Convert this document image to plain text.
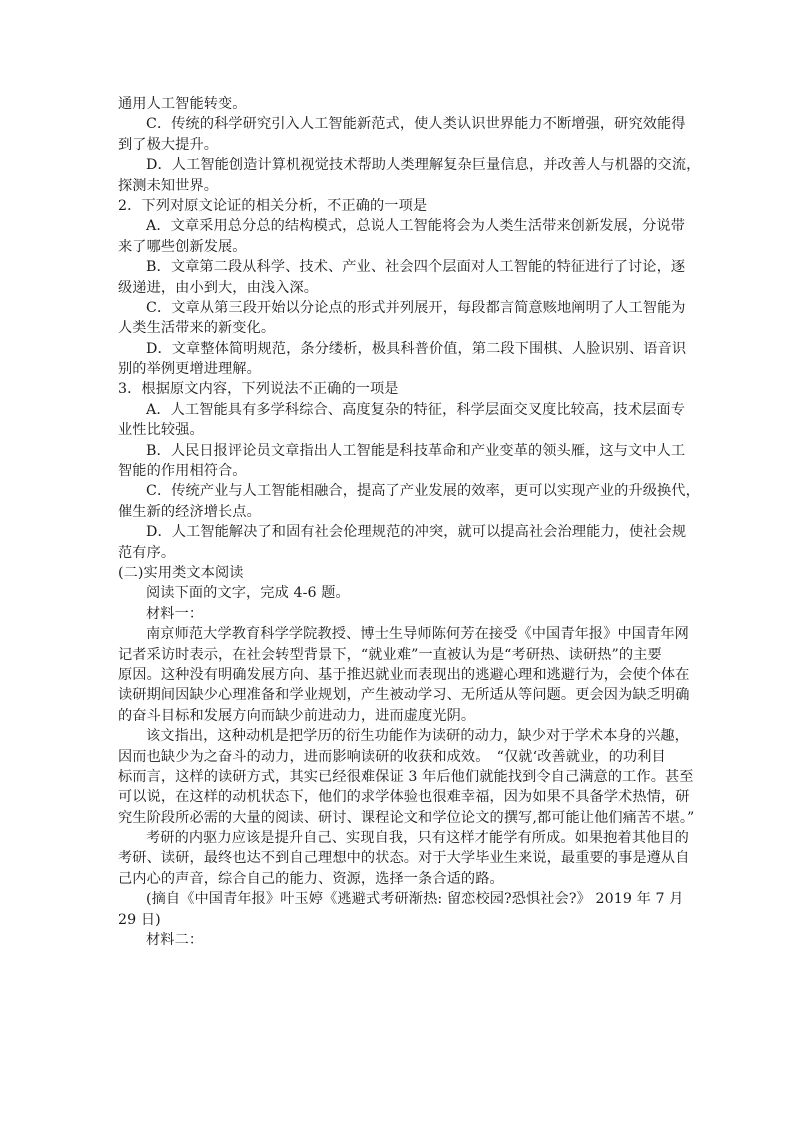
通用人工智能转变。
C．传统的科学研究引入人工智能新范式，使人类认识世界能力不断增强，研究效能得
到了极大提升。
D．人工智能创造计算机视觉技术帮助人类理解复杂巨量信息，并改善人与机器的交流，
探测未知世界。
2．下列对原文论证的相关分析，不正确的一项是
A．文章采用总分总的结构模式，总说人工智能将会为人类生活带来创新发展，分说带
来了哪些创新发展。
B．文章第二段从科学、技术、产业、社会四个层面对人工智能的特征进行了讨论，逐
级递进，由小到大，由浅入深。
C．文章从第三段开始以分论点的形式并列展开，每段都言简意赅地阐明了人工智能为
人类生活带来的新变化。
D．文章整体简明规范，条分缕析，极具科普价值，第二段下围棋、人脸识别、语音识
别的举例更增进理解。
3．根据原文内容，下列说法不正确的一项是
A．人工智能具有多学科综合、高度复杂的特征，科学层面交叉度比较高，技术层面专
业性比较强。
B．人民日报评论员文章指出人工智能是科技革命和产业变革的领头雁，这与文中人工
智能的作用相符合。
C．传统产业与人工智能相融合，提高了产业发展的效率，更可以实现产业的升级换代，
催生新的经济增长点。
D．人工智能解决了和固有社会伦理规范的冲突，就可以提高社会治理能力，使社会规
范有序。
(二)实用类文本阅读
阅读下面的文字，完成 4-6 题。
材料一：
南京师范大学教育科学学院教授、博士生导师陈何芳在接受《中国青年报》中国青年网
记者采访时表示，在社会转型背景下，“就业难”一直被认为是“考研热、读研热”的主要
原因。这种没有明确发展方向、基于推迟就业而表现出的逃避心理和逃避行为，会使个体在
读研期间因缺少心理准备和学业规划，产生被动学习、无所适从等问题。更会因为缺乏明确
的奋斗目标和发展方向而缺少前进动力，进而虚度光阴。
该文指出，这种动机是把学历的衍生功能作为读研的动力，缺少对于学术本身的兴趣，
因而也缺少为之奋斗的动力，进而影响读研的收获和成效。　“仅就‘改善就业，的功利目
标而言，这样的读研方式，其实已经很难保证 3 年后他们就能找到令自己满意的工作。甚至
可以说，在这样的动机状态下，他们的求学体验也很难幸福，因为如果不具备学术热情，研
究生阶段所必需的大量的阅读、研讨、课程论文和学位论文的撰写,都可能让他们痛苦不堪。”
考研的内驱力应该是提升自己、实现自我，只有这样才能学有所成。如果抱着其他目的
考研、读研，最终也达不到自己理想中的状态。对于大学毕业生来说，最重要的事是遵从自
己内心的声音，综合自己的能力、资源，选择一条合适的路。
(摘自《中国青年报》叶玉婷《逃避式考研渐热: 留恋校园?恐惧社会?》 2019 年 7 月
29 日)
材料二：
